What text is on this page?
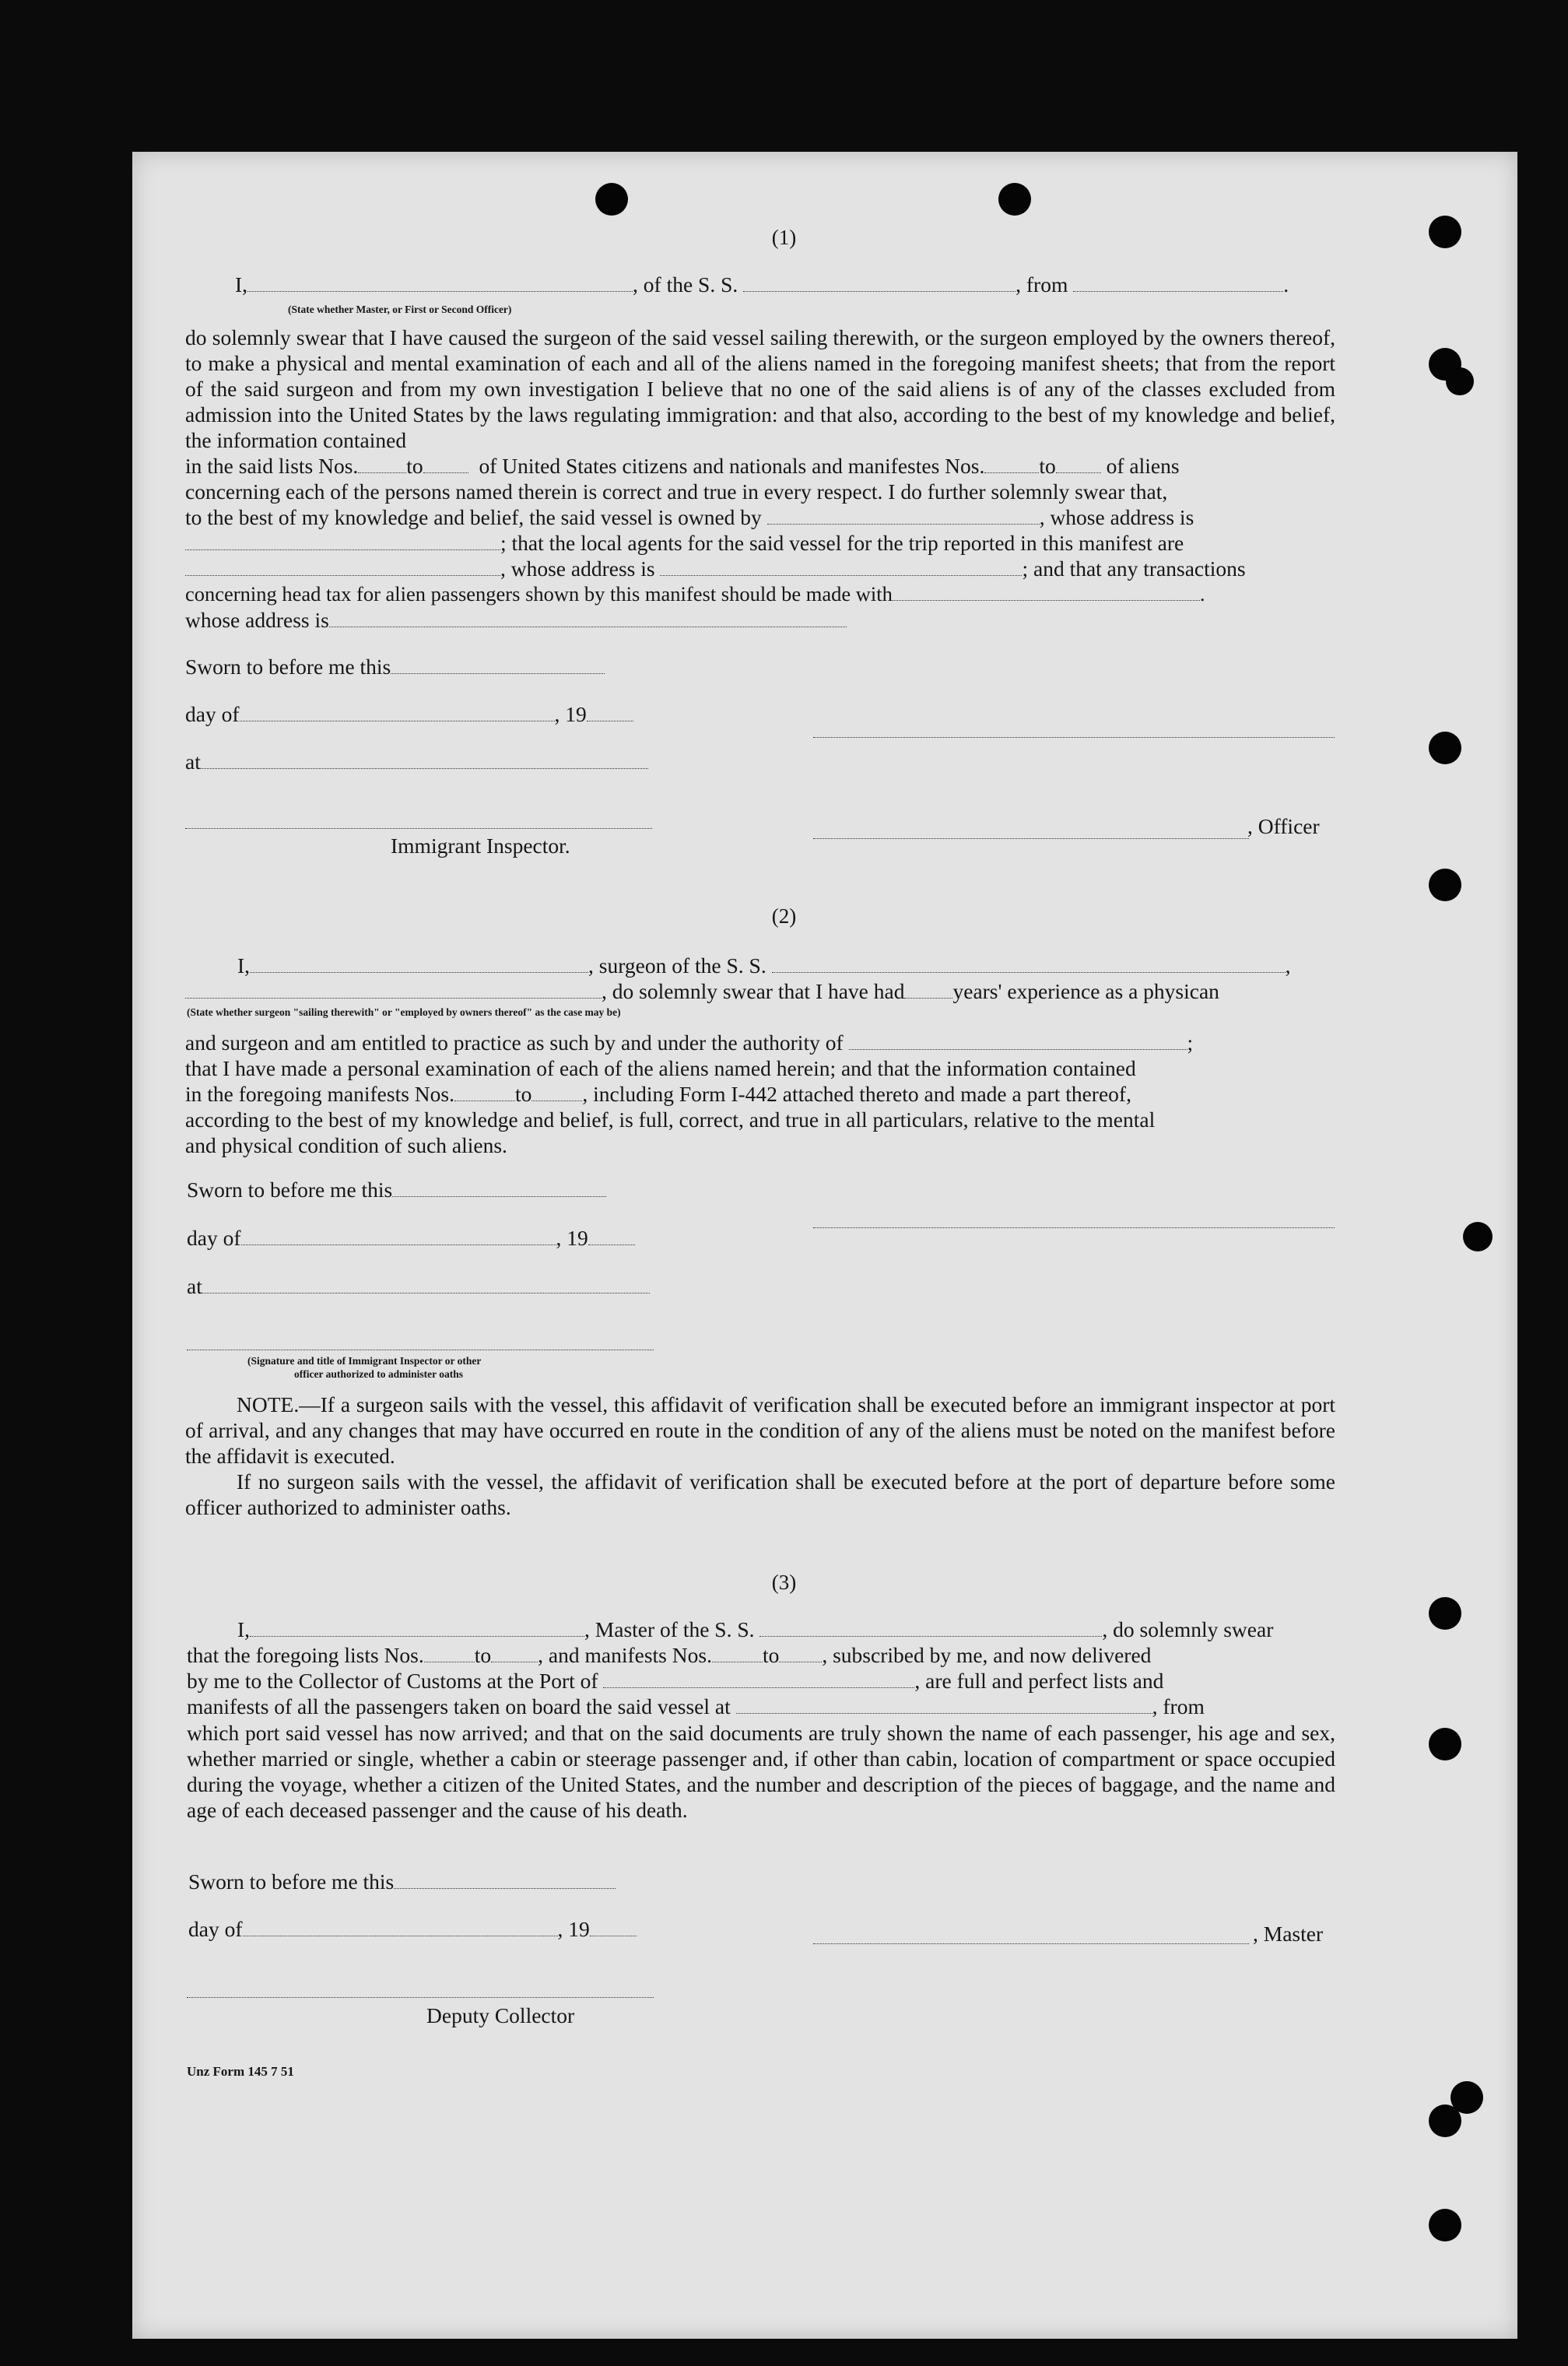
(1)
I,	, of the S. S.	, from	.
(State whether Master, or First or Second Officer)

do solemnly swear that I have caused the surgeon of the said vessel sailing therewith, or the surgeon employed by the owners thereof, to make a physical and mental examination of each and all of the aliens named in the foregoing manifest sheets; that from the report of the said surgeon and from my own investigation I believe that no one of the said aliens is of any of the classes excluded from admission into the United States by the laws regulating immigration: and that also, according to the best of my knowledge and belief, the information contained

in the said lists Nos. to	of United States citizens and nationals and manifestes Nos.	to of aliens
concerning each of the persons named therein is correct and true in every respect. I do further solemnly swear that,
to the best of my knowledge and belief, the said vessel is owned by	, whose address is
; that the local agents for the said vessel for the trip reported in this manifest are
, whose address is	; and that any transactions
concerning head tax for alien passengers shown by this manifest should be made with	.
whose address is
Sworn to before me this
day of	, 19
at
, Officer
Immigrant Inspector.
(2)
I,	, surgeon of the S. S.	,
, do solemnly swear that I have had years' experience as a physican
(State whether surgeon "sailing therewith" or "employed by owners thereof" as the case may be)
and surgeon and am entitled to practice as such by and under the authority of	;
that I have made a personal examination of each of the aliens named herein; and that the information contained
in the foregoing manifests Nos.	to , including Form I-442 attached thereto and made a part thereof,
according to the best of my knowledge and belief, is full, correct, and true in all particulars, relative to the mental
and physical condition of such aliens.
Sworn to before me this
day of	, 19
at
(Signature and title of Immigrant Inspector or other
officer authorized to administer oaths

NOTE.—If a surgeon sails with the vessel, this affidavit of verification shall be executed before an immigrant inspector at port of arrival, and any changes that may have occurred en route in the condition of any of the aliens must be noted on the manifest before the affidavit is executed.

If no surgeon sails with the vessel, the affidavit of verification shall be executed before at the port of departure before some officer authorized to administer oaths.

(3)
I,	, Master of the S. S.	, do solemnly swear
that the foregoing lists Nos. to , and manifests Nos. to , subscribed by me, and now delivered
by me to the Collector of Customs at the Port of	, are full and perfect lists and
manifests of all the passengers taken on board the said vessel at	, from

which port said vessel has now arrived; and that on the said documents are truly shown the name of each passenger, his age and sex, whether married or single, whether a cabin or steerage passenger and, if other than cabin, location of compartment or space occupied during the voyage, whether a citizen of the United States, and the number and description of the pieces of baggage, and the name and age of each deceased passenger and the cause of his death.

Sworn to before me this
day of	, 19	, Master
Deputy Collector
Unz Form 145 7 51
